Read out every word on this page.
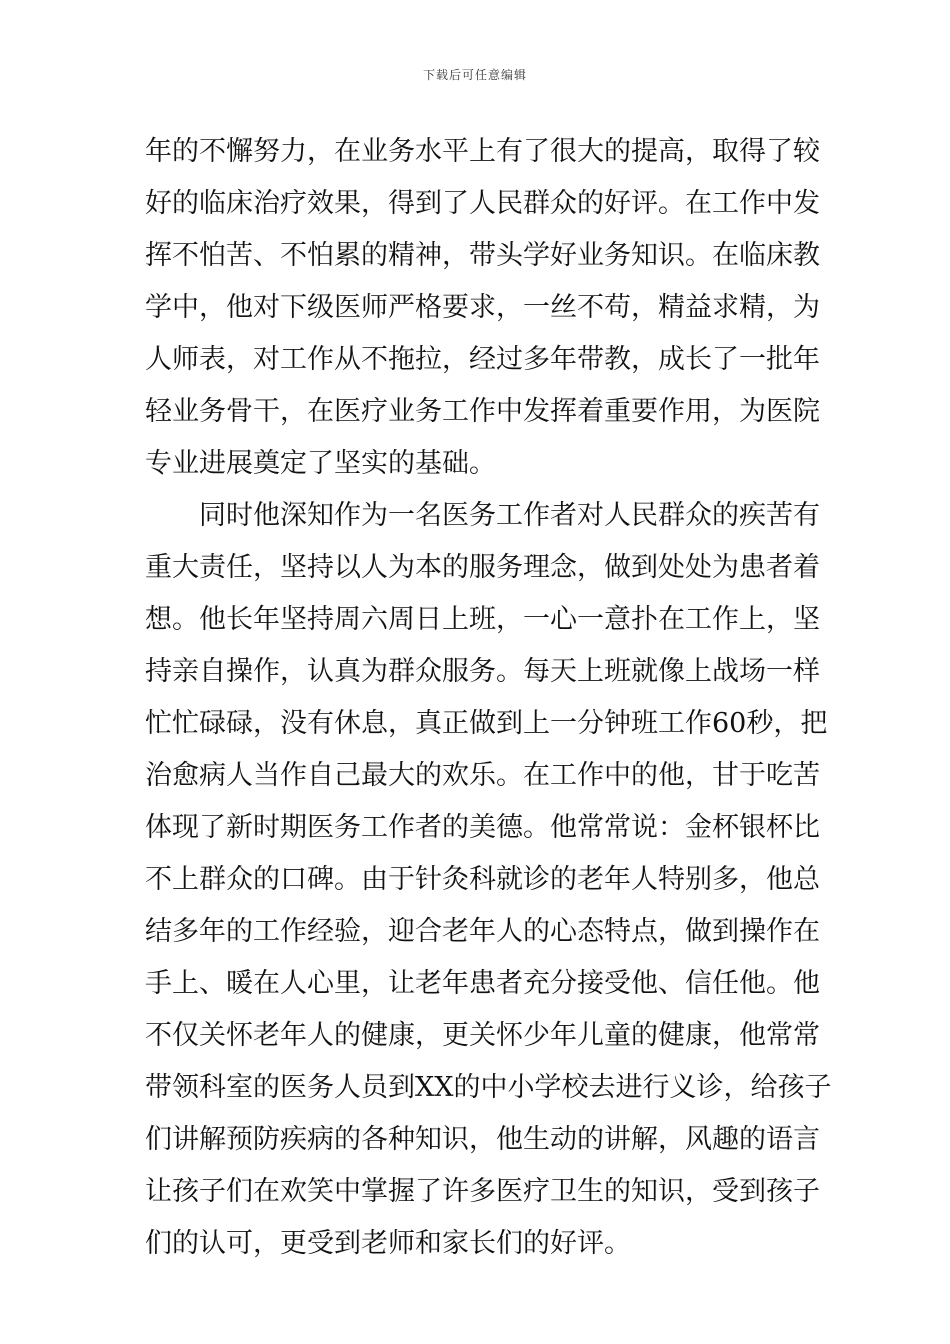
下载后可任意编辑
年的不懈努力，在业务水平上有了很大的提高，取得了较
好的临床治疗效果，得到了人民群众的好评。在工作中发
挥不怕苦、不怕累的精神，带头学好业务知识。在临床教
学中，他对下级医师严格要求，一丝不苟，精益求精，为
人师表，对工作从不拖拉，经过多年带教，成长了一批年
轻业务骨干，在医疗业务工作中发挥着重要作用，为医院
专业进展奠定了坚实的基础。
同时他深知作为一名医务工作者对人民群众的疾苦有
重大责任，坚持以人为本的服务理念，做到处处为患者着
想。他长年坚持周六周日上班，一心一意扑在工作上，坚
持亲自操作，认真为群众服务。每天上班就像上战场一样
忙忙碌碌，没有休息，真正做到上一分钟班工作60秒，把
治愈病人当作自己最大的欢乐。在工作中的他，甘于吃苦
体现了新时期医务工作者的美德。他常常说：金杯银杯比
不上群众的口碑。由于针灸科就诊的老年人特别多，他总
结多年的工作经验，迎合老年人的心态特点，做到操作在
手上、暖在人心里，让老年患者充分接受他、信任他。他
不仅关怀老年人的健康，更关怀少年儿童的健康，他常常
带领科室的医务人员到XX的中小学校去进行义诊，给孩子
们讲解预防疾病的各种知识，他生动的讲解，风趣的语言
让孩子们在欢笑中掌握了许多医疗卫生的知识，受到孩子
们的认可，更受到老师和家长们的好评。
